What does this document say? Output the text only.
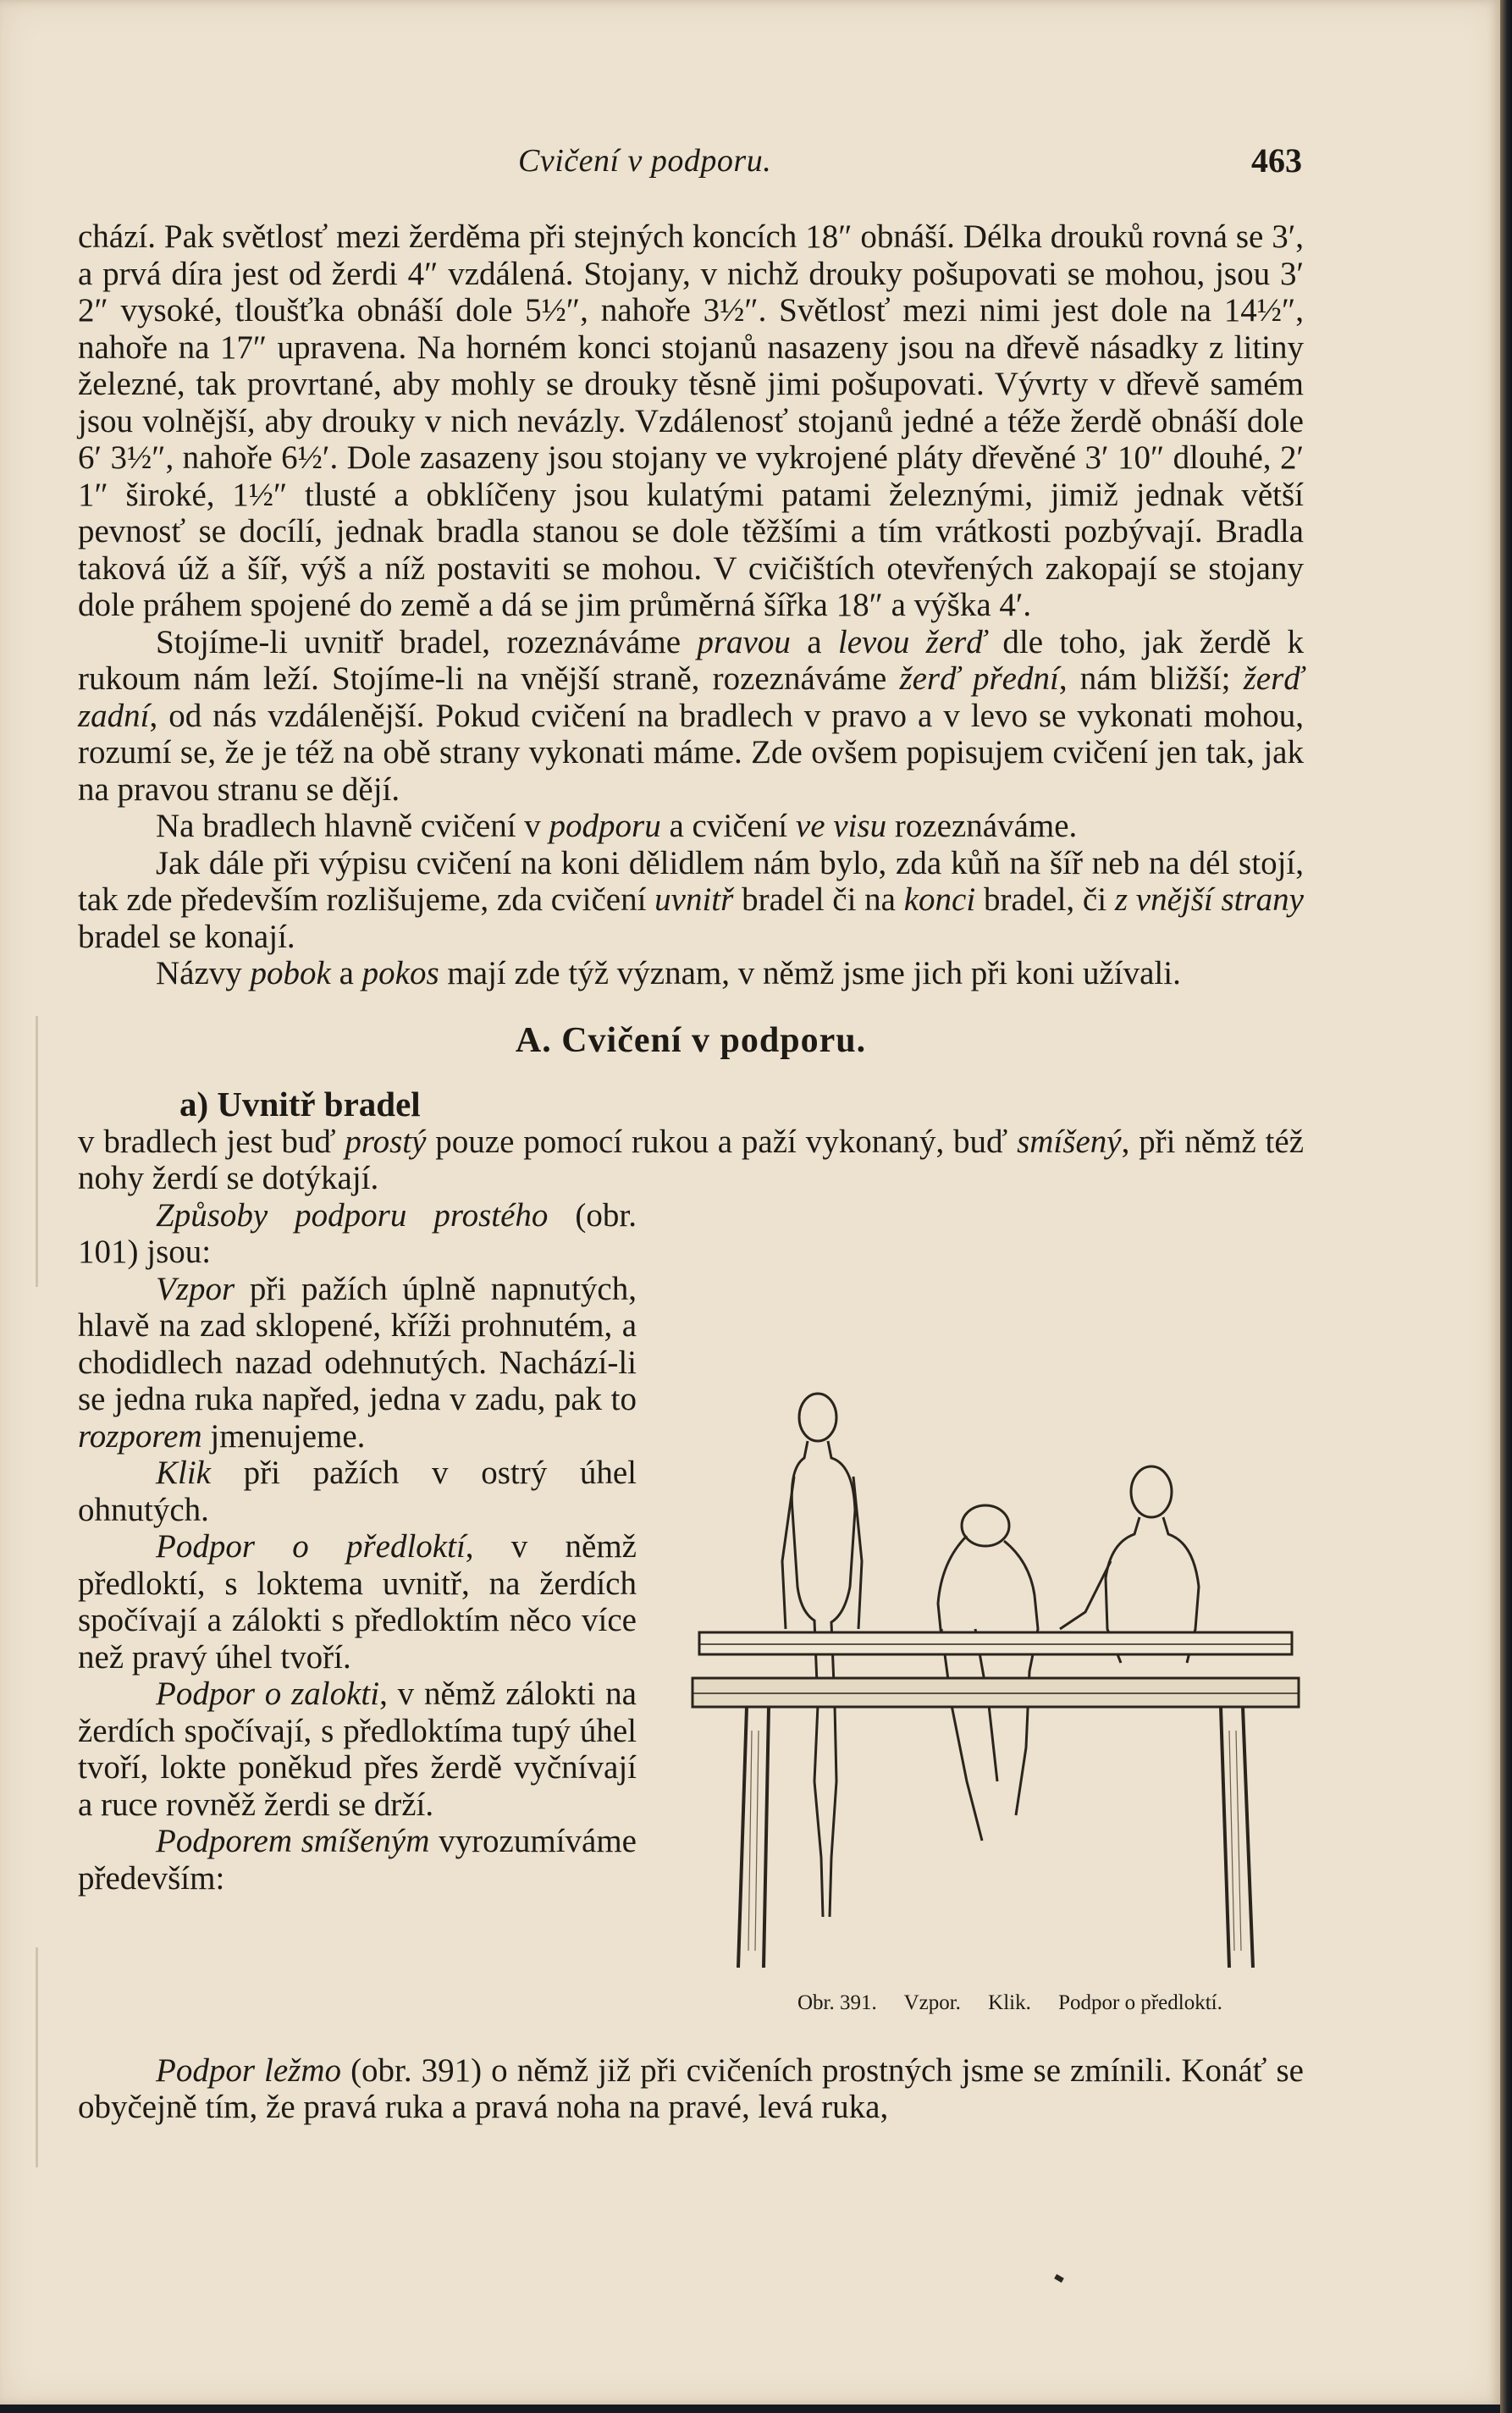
Cvičení v podporu.	463

chází. Pak světlosť mezi žerděma při stejných koncích 18″ obnáší. Délka drouků rovná se 3′, a prvá díra jest od žerdi 4″ vzdálená. Stojany, v nichž drouky pošupovati se mohou, jsou 3′ 2″ vysoké, tloušťka obnáší dole 5½″, nahoře 3½″. Světlosť mezi nimi jest dole na 14½″, nahoře na 17″ upravena. Na horném konci stojanů nasazeny jsou na dřevě násadky z litiny železné, tak provrtané, aby mohly se drouky těsně jimi pošupovati. Vývrty v dřevě samém jsou volnější, aby drouky v nich nevázly. Vzdálenosť stojanů jedné a téže žerdě obnáší dole 6′ 3½″, nahoře 6½′. Dole zasazeny jsou stojany ve vykrojené pláty dřevěné 3′ 10″ dlouhé, 2′ 1″ široké, 1½″ tlusté a obklíčeny jsou kulatými patami železnými, jimiž jednak větší pevnosť se docílí, jednak bradla stanou se dole těžšími a tím vrátkosti pozbývají. Bradla taková úž a šíř, výš a níž postaviti se mohou. V cvičištích otevřených zakopají se stojany dole práhem spojené do země a dá se jim průměrná šířka 18″ a výška 4′.

Stojíme-li uvnitř bradel, rozeznáváme pravou a levou žerď dle toho, jak žerdě k rukoum nám leží. Stojíme-li na vnější straně, rozeznáváme žerď přední, nám bližší; žerď zadní, od nás vzdálenější. Pokud cvičení na bradlech v pravo a v levo se vykonati mohou, rozumí se, že je též na obě strany vykonati máme. Zde ovšem popisujem cvičení jen tak, jak na pravou stranu se dějí.

Na bradlech hlavně cvičení v podporu a cvičení ve visu rozeznáváme.

Jak dále při výpisu cvičení na koni dělidlem nám bylo, zda kůň na šíř neb na dél stojí, tak zde především rozlišujeme, zda cvičení uvnitř bradel či na konci bradel, či z vnější strany bradel se konají.

Názvy pobok a pokos mají zde týž význam, v němž jsme jich při koni užívali.

A. Cvičení v podporu.
a) Uvnitř bradel

v bradlech jest buď prostý pouze pomocí rukou a paží vykonaný, buď smíšený, při němž též nohy žerdí se dotýkají.

Způsoby podporu prostého (obr. 101) jsou:

Vzpor při pažích úplně napnutých, hlavě na zad sklopené, kříži prohnutém, a chodidlech nazad odehnutých. Nachází-li se jedna ruka napřed, jedna v zadu, pak to rozporem jmenujeme.

Klik při pažích v ostrý úhel ohnutých.

Podpor o předloktí, v němž předloktí, s loktema uvnitř, na žerdích spočívají a zálokti s předloktím něco více než pravý úhel tvoří.

Podpor o zalokti, v němž zálokti na žerdích spočívají, s předloktíma tupý úhel tvoří, lokte poněkud přes žerdě vyčnívají a ruce rovněž žerdi se drží.

Podporem smíšeným vyrozumíváme především:

Obr. 391. Vzpor. Klik. Podpor o předloktí.

Podpor ležmo (obr. 391) o němž již při cvičeních prostných jsme se zmínili. Konáť se obyčejně tím, že pravá ruka a pravá noha na pravé, levá ruka,
